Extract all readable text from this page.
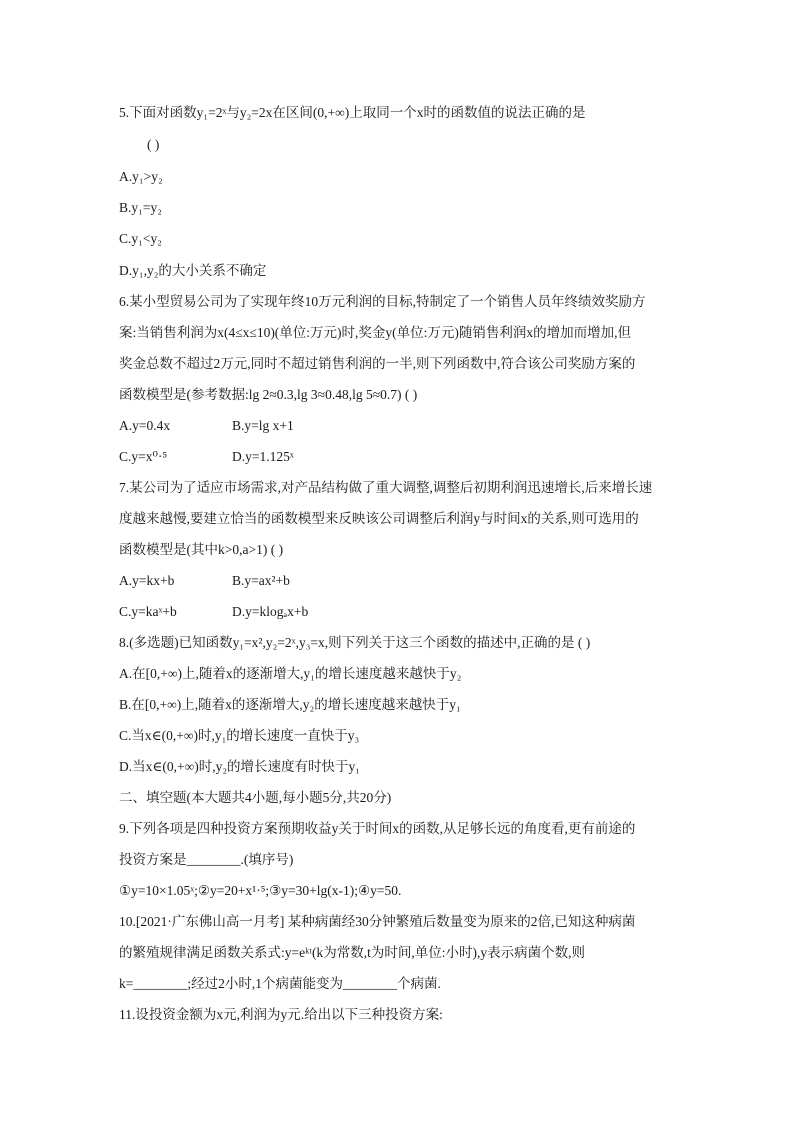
5.下面对函数y₁=2ˣ与y₂=2x在区间(0,+∞)上取同一个x时的函数值的说法正确的是
( )
A.y₁>y₂
B.y₁=y₂
C.y₁<y₂
D.y₁,y₂的大小关系不确定
6.某小型贸易公司为了实现年终10万元利润的目标,特制定了一个销售人员年终绩效奖励方
案:当销售利润为x(4≤x≤10)(单位:万元)时,奖金y(单位:万元)随销售利润x的增加而增加,但
奖金总数不超过2万元,同时不超过销售利润的一半,则下列函数中,符合该公司奖励方案的
函数模型是(参考数据:lg 2≈0.3,lg 3≈0.48,lg 5≈0.7) ( )
A.y=0.4x	B.y=lg x+1
C.y=x⁰·⁵	D.y=1.125ˣ
7.某公司为了适应市场需求,对产品结构做了重大调整,调整后初期利润迅速增长,后来增长速
度越来越慢,要建立恰当的函数模型来反映该公司调整后利润y与时间x的关系,则可选用的
函数模型是(其中k>0,a>1) ( )
A.y=kx+b	B.y=ax²+b
C.y=kaˣ+b	D.y=klogₐx+b
8.(多选题)已知函数y₁=x²,y₂=2ˣ,y₃=x,则下列关于这三个函数的描述中,正确的是 ( )
A.在[0,+∞)上,随着x的逐渐增大,y₁的增长速度越来越快于y₂
B.在[0,+∞)上,随着x的逐渐增大,y₂的增长速度越来越快于y₁
C.当x∈(0,+∞)时,y₁的增长速度一直快于y₃
D.当x∈(0,+∞)时,y₂的增长速度有时快于y₁
二、填空题(本大题共4小题,每小题5分,共20分)
9.下列各项是四种投资方案预期收益y关于时间x的函数,从足够长远的角度看,更有前途的
投资方案是________.(填序号)
①y=10×1.05ˣ;②y=20+x¹·⁵;③y=30+lg(x-1);④y=50.
10.[2021·广东佛山高一月考] 某种病菌经30分钟繁殖后数量变为原来的2倍,已知这种病菌
的繁殖规律满足函数关系式:y=eᵏᵗ(k为常数,t为时间,单位:小时),y表示病菌个数,则
k=________;经过2小时,1个病菌能变为________个病菌.
11.设投资金额为x元,利润为y元.给出以下三种投资方案:
